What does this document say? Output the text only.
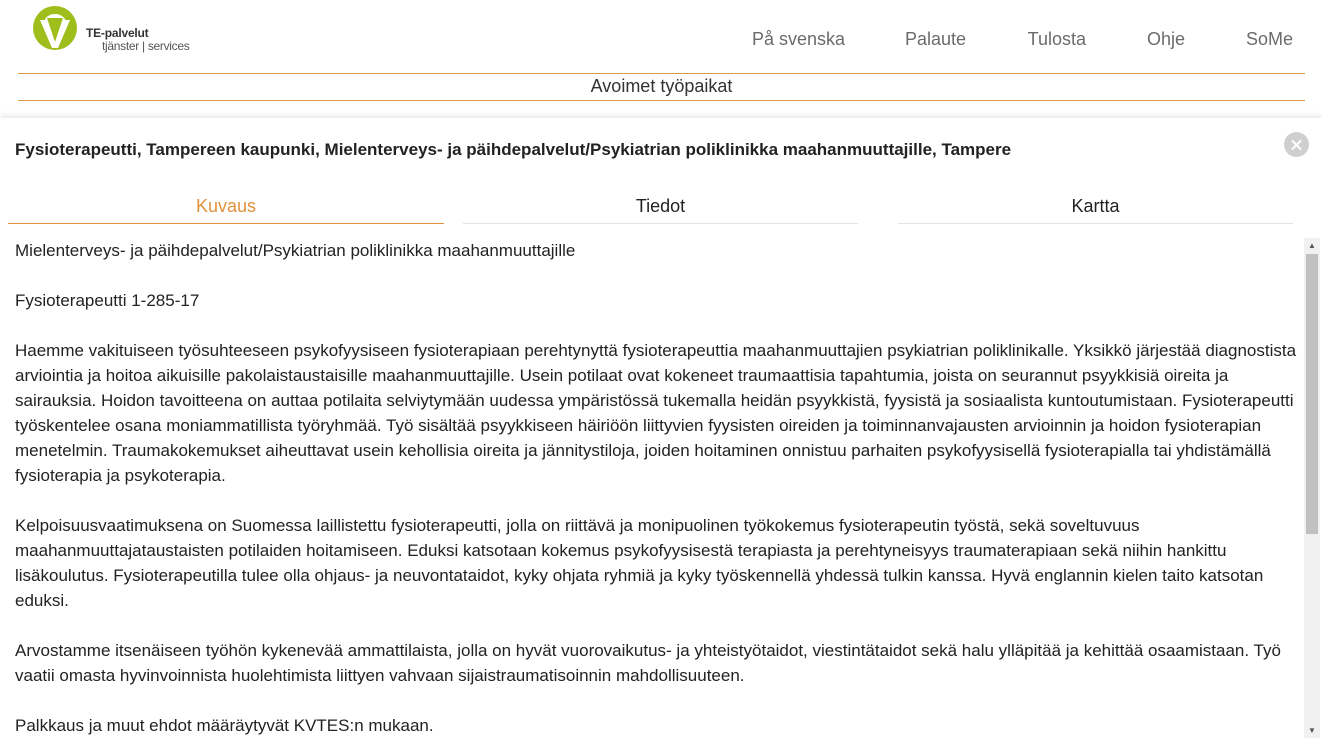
TE-palvelut
tjänster | services	På svenska	Palaute	Tulosta	Ohje	SoMe
Avoimet työpaikat
Fysioterapeutti, Tampereen kaupunki, Mielenterveys- ja päihdepalvelut/Psykiatrian poliklinikka maahanmuuttajille, Tampere
Kuvaus	Tiedot	Kartta

Mielenterveys- ja päihdepalvelut/Psykiatrian poliklinikka maahanmuuttajille

Fysioterapeutti 1-285-17

Haemme vakituiseen työsuhteeseen psykofyysiseen fysioterapiaan perehtynyttä fysioterapeuttia maahanmuuttajien psykiatrian poliklinikalle. Yksikkö järjestää diagnostista arviointia ja hoitoa aikuisille pakolaistaustaisille maahanmuuttajille. Usein potilaat ovat kokeneet traumaattisia tapahtumia, joista on seurannut psyykkisiä oireita ja sairauksia. Hoidon tavoitteena on auttaa potilaita selviytymään uudessa ympäristössä tukemalla heidän psyykkistä, fyysistä ja sosiaalista kuntoutumistaan. Fysioterapeutti työskentelee osana moniammatillista työryhmää. Työ sisältää psyykkiseen häiriöön liittyvien fyysisten oireiden ja toiminnanvajausten arvioinnin ja hoidon fysioterapian menetelmin. Traumakokemukset aiheuttavat usein kehollisia oireita ja jännitystiloja, joiden hoitaminen onnistuu parhaiten psykofyysisellä fysioterapialla tai yhdistämällä fysioterapia ja psykoterapia.

Kelpoisuusvaatimuksena on Suomessa laillistettu fysioterapeutti, jolla on riittävä ja monipuolinen työkokemus fysioterapeutin työstä, sekä soveltuvuus maahanmuuttajataustaisten potilaiden hoitamiseen. Eduksi katsotaan kokemus psykofyysisestä terapiasta ja perehtyneisyys traumaterapiaan sekä niihin hankittu lisäkoulutus. Fysioterapeutilla tulee olla ohjaus- ja neuvontataidot, kyky ohjata ryhmiä ja kyky työskennellä yhdessä tulkin kanssa. Hyvä englannin kielen taito katsotan eduksi.

Arvostamme itsenäiseen työhön kykenevää ammattilaista, jolla on hyvät vuorovaikutus- ja yhteistyötaidot, viestintätaidot sekä halu ylläpitää ja kehittää osaamistaan. Työ vaatii omasta hyvinvoinnista huolehtimista liittyen vahvaan sijaistraumatisoinnin mahdollisuuteen.

Palkkaus ja muut ehdot määräytyvät KVTES:n mukaan.

▲
▼
